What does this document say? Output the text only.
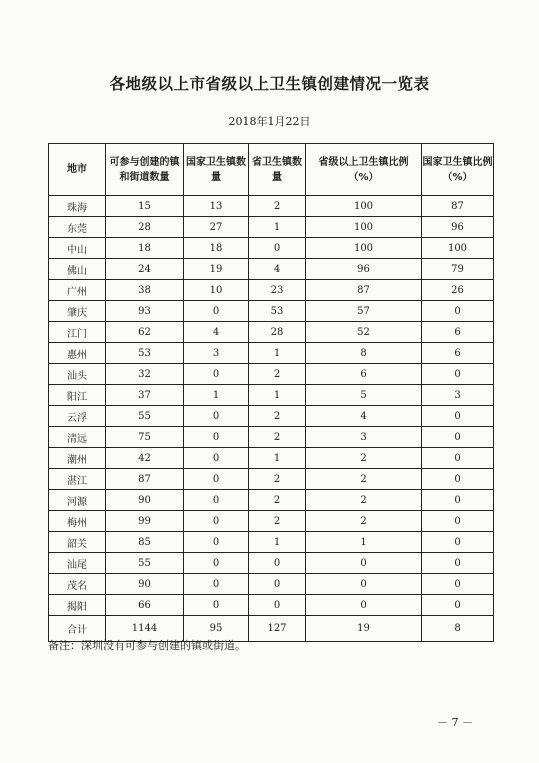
各地级以上市省级以上卫生镇创建情况一览表
2018年1月22日
地市	可参与创建的镇和街道数量	国家卫生镇数量	省卫生镇数量	省级以上卫生镇比例（%）	国家卫生镇比例（%）
珠海	15	13	2	100	87
东莞	28	27	1	100	96
中山	18	18	0	100	100
佛山	24	19	4	96	79
广州	38	10	23	87	26
肇庆	93	0	53	57	0
江门	62	4	28	52	6
惠州	53	3	1	8	6
汕头	32	0	2	6	0
阳江	37	1	1	5	3
云浮	55	0	2	4	0
清远	75	0	2	3	0
潮州	42	0	1	2	0
湛江	87	0	2	2	0
河源	90	0	2	2	0
梅州	99	0	2	2	0
韶关	85	0	1	1	0
汕尾	55	0	0	0	0
茂名	90	0	0	0	0
揭阳	66	0	0	0	0
合计	1144	95	127	19	8
备注：深圳没有可参与创建的镇或街道。
－ 7 －
